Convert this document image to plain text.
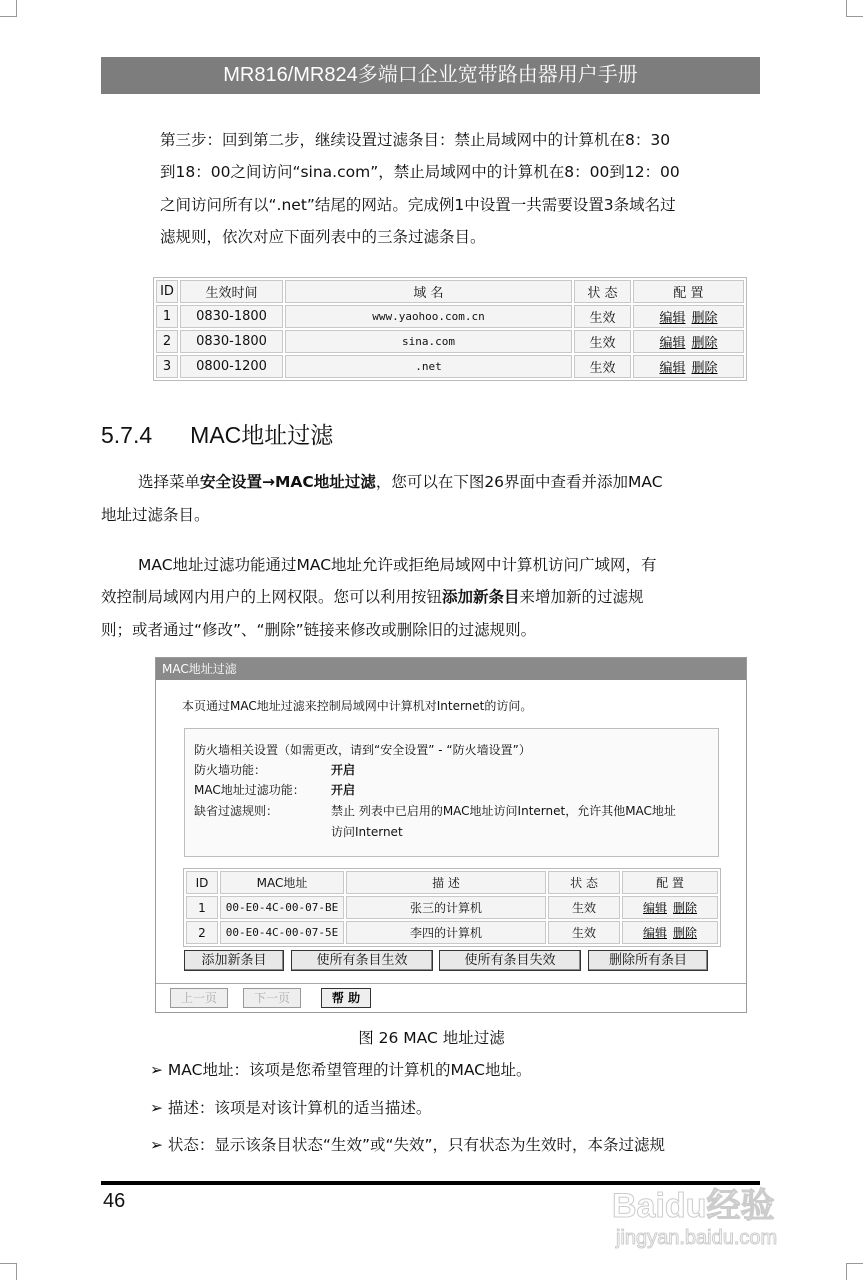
MR816/MR824多端口企业宽带路由器用户手册
第三步：回到第二步，继续设置过滤条目：禁止局域网中的计算机在8：30
到18：00之间访问“sina.com”，禁止局域网中的计算机在8：00到12：00
之间访问所有以“.net”结尾的网站。完成例1中设置一共需要设置3条域名过
滤规则，依次对应下面列表中的三条过滤条目。
ID	生效时间	域 名	状 态	配 置
1	0830-1800	www.yaohoo.com.cn	生效	编辑 删除
2	0830-1800	sina.com	生效	编辑 删除
3	0800-1200	.net	生效	编辑 删除
5.7.4 MAC地址过滤
选择菜单安全设置→MAC地址过滤，您可以在下图26界面中查看并添加MAC
地址过滤条目。
MAC地址过滤功能通过MAC地址允许或拒绝局域网中计算机访问广域网，有
效控制局域网内用户的上网权限。您可以利用按钮添加新条目来增加新的过滤规
则；或者通过“修改”、“删除”链接来修改或删除旧的过滤规则。
MAC地址过滤
本页通过MAC地址过滤来控制局域网中计算机对Internet的访问。
防火墙相关设置（如需更改，请到“安全设置” - “防火墙设置”）
防火墙功能：	开启
MAC地址过滤功能： 开启
缺省过滤规则：	禁止 列表中已启用的MAC地址访问Internet，允许其他MAC地址
访问Internet
ID	MAC地址	描 述	状 态	配 置
1	00-E0-4C-00-07-BE	张三的计算机	生效	编辑 删除
2	00-E0-4C-00-07-5E	李四的计算机	生效	编辑 删除
添加新条目	使所有条目生效	使所有条目失效	删除所有条目
上一页	下一页	帮 助
图 26 MAC 地址过滤
➢ MAC地址：该项是您希望管理的计算机的MAC地址。
➢ 描述：该项是对该计算机的适当描述。
➢ 状态：显示该条目状态“生效”或“失效”，只有状态为生效时，本条过滤规
46	Baidu经验
jingyan.baidu.com
